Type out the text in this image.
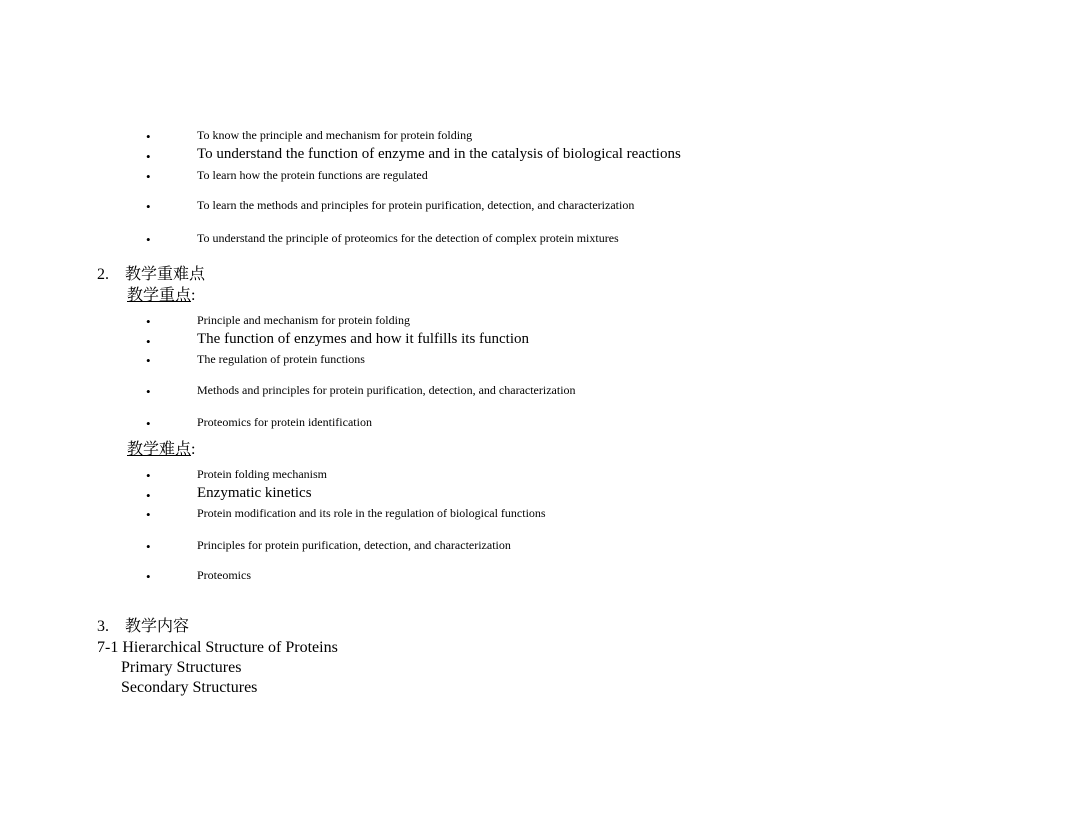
•	To know the principle and mechanism for protein folding
•	To understand the function of enzyme and in the catalysis of biological reactions
•	To learn how the protein functions are regulated
•	To learn the methods and principles for protein purification, detection, and characterization
•	To understand the principle of proteomics for the detection of complex protein mixtures
2. 教学重难点
教学重点:
•	Principle and mechanism for protein folding
•	The function of enzymes and how it fulfills its function
•	The regulation of protein functions
•	Methods and principles for protein purification, detection, and characterization
•	Proteomics for protein identification
教学难点:
•	Protein folding mechanism
•	Enzymatic kinetics
•	Protein modification and its role in the regulation of biological functions
•	Principles for protein purification, detection, and characterization
•	Proteomics
3. 教学内容
7-1 Hierarchical Structure of Proteins
Primary Structures
Secondary Structures
